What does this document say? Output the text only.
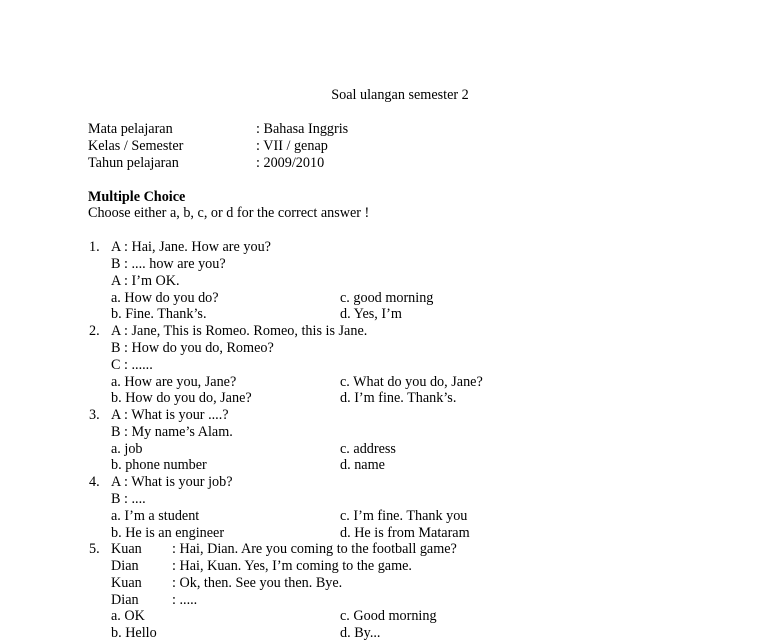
Soal ulangan semester 2
Mata pelajaran	: Bahasa Inggris
Kelas / Semester	: VII / genap
Tahun pelajaran	: 2009/2010
Multiple Choice
Choose either a, b, c, or d for the correct answer !
1. A : Hai, Jane. How are you?
B : .... how are you?
A : I’m OK.
a. How do you do?	c. good morning
b. Fine. Thank’s.	d. Yes, I’m
2. A : Jane, This is Romeo. Romeo, this is Jane.
B : How do you do, Romeo?
C : ......
a. How are you, Jane?	c. What do you do, Jane?
b. How do you do, Jane?	d. I’m fine. Thank’s.
3. A : What is your ....?
B : My name’s Alam.
a. job	c. address
b. phone number	d. name
4. A : What is your job?
B : ....
a. I’m a student	c. I’m fine. Thank you
b. He is an engineer	d. He is from Mataram
5. Kuan : Hai, Dian. Are you coming to the football game?
Dian : Hai, Kuan. Yes, I’m coming to the game.
Kuan : Ok, then. See you then. Bye.
Dian : .....
a. OK	c. Good morning
b. Hello	d. By...
